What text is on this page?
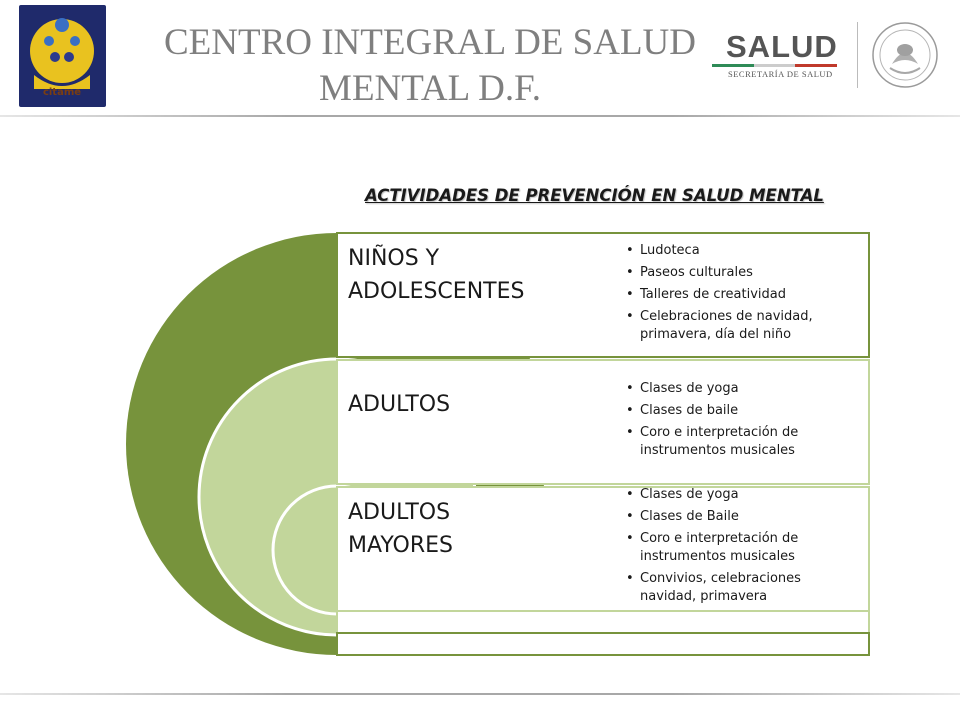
citame
CENTRO INTEGRAL DE SALUD
MENTAL D.F.
SALUD
SECRETARÍA DE SALUD
ACTIVIDADES DE PREVENCIÓN EN SALUD MENTAL
NIÑOS Y
ADOLESCENTES
ADULTOS
ADULTOS
MAYORES
• Ludoteca
• Paseos culturales
• Talleres de creatividad
• Celebraciones de navidad, primavera, día del niño
• Clases de yoga
• Clases de baile
• Coro e interpretación de instrumentos musicales
• Clases de yoga
• Clases de Baile
• Coro e interpretación de instrumentos musicales
• Convivios, celebraciones navidad, primavera
